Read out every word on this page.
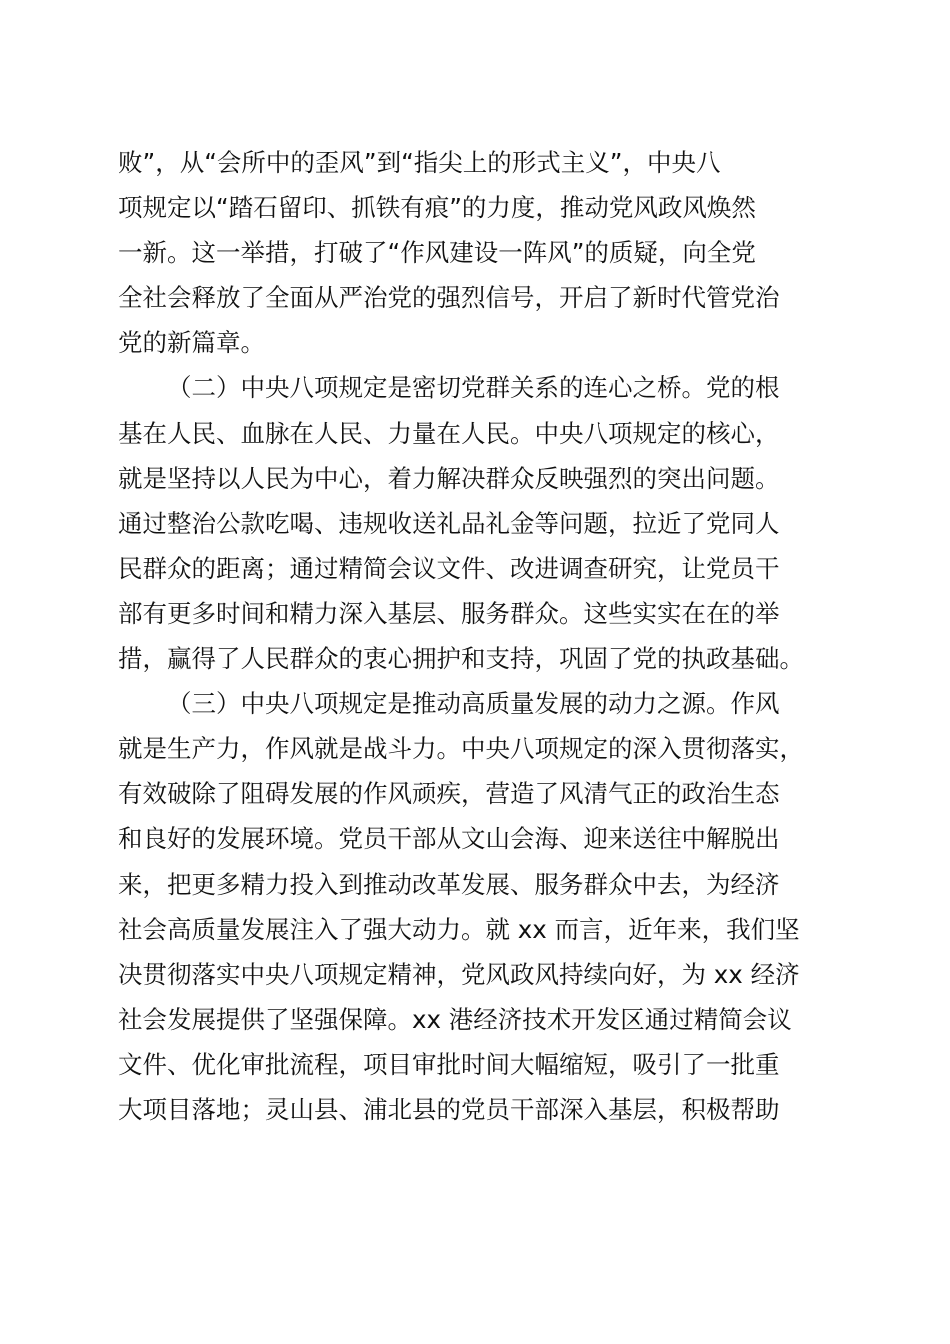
败”，从“会所中的歪风”到“指尖上的形式主义”，中央八
项规定以“踏石留印、抓铁有痕”的力度，推动党风政风焕然
一新。这一举措，打破了“作风建设一阵风”的质疑，向全党
全社会释放了全面从严治党的强烈信号，开启了新时代管党治
党的新篇章。
（二）中央八项规定是密切党群关系的连心之桥。党的根
基在人民、血脉在人民、力量在人民。中央八项规定的核心，
就是坚持以人民为中心，着力解决群众反映强烈的突出问题。
通过整治公款吃喝、违规收送礼品礼金等问题，拉近了党同人
民群众的距离；通过精简会议文件、改进调查研究，让党员干
部有更多时间和精力深入基层、服务群众。这些实实在在的举
措，赢得了人民群众的衷心拥护和支持，巩固了党的执政基础。
（三）中央八项规定是推动高质量发展的动力之源。作风
就是生产力，作风就是战斗力。中央八项规定的深入贯彻落实，
有效破除了阻碍发展的作风顽疾，营造了风清气正的政治生态
和良好的发展环境。党员干部从文山会海、迎来送往中解脱出
来，把更多精力投入到推动改革发展、服务群众中去，为经济
社会高质量发展注入了强大动力。就 xx 而言，近年来，我们坚
决贯彻落实中央八项规定精神，党风政风持续向好，为 xx 经济
社会发展提供了坚强保障。xx 港经济技术开发区通过精简会议
文件、优化审批流程，项目审批时间大幅缩短，吸引了一批重
大项目落地；灵山县、浦北县的党员干部深入基层，积极帮助
